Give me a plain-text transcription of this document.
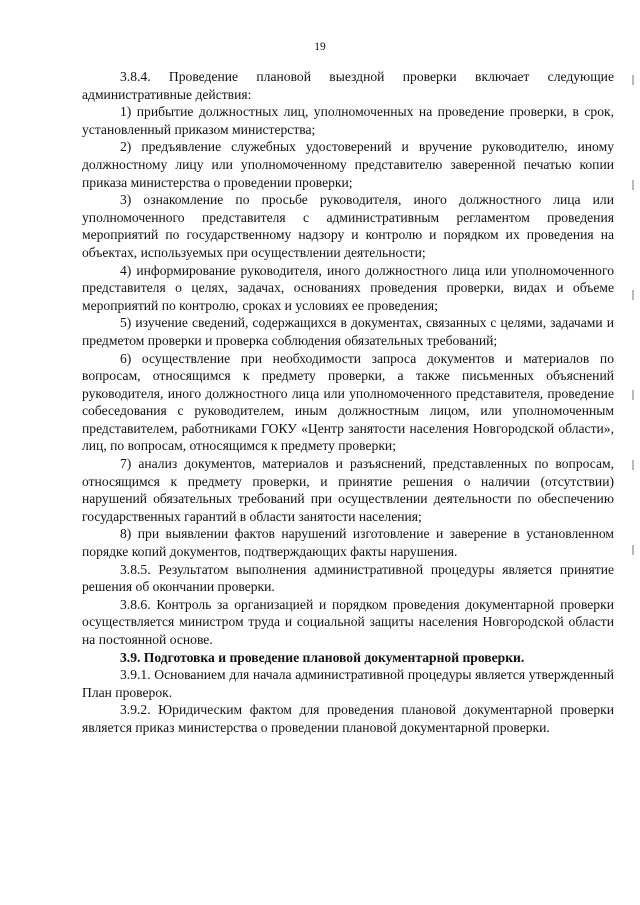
19

3.8.4. Проведение плановой выездной проверки включает следующие административные действия:

1) прибытие должностных лиц, уполномоченных на проведение проверки, в срок, установленный приказом министерства;

2) предъявление служебных удостоверений и вручение руководителю, иному должностному лицу или уполномоченному представителю заверенной печатью копии приказа министерства о проведении проверки;

3) ознакомление по просьбе руководителя, иного должностного лица или уполномоченного представителя с административным регламентом проведения мероприятий по государственному надзору и контролю и порядком их проведения на объектах, используемых при осуществлении деятельности;

4) информирование руководителя, иного должностного лица или уполномоченного представителя о целях, задачах, основаниях проведения проверки, видах и объеме мероприятий по контролю, сроках и условиях ее проведения;

5) изучение сведений, содержащихся в документах, связанных с целями, задачами и предметом проверки и проверка соблюдения обязательных требований;

6) осуществление при необходимости запроса документов и материалов по вопросам, относящимся к предмету проверки, а также письменных объяснений руководителя, иного должностного лица или уполномоченного представителя, проведение собеседования с руководителем, иным должностным лицом, или уполномоченным представителем, работниками ГОКУ «Центр занятости населения Новгородской области», лиц, по вопросам, относящимся к предмету проверки;

7) анализ документов, материалов и разъяснений, представленных по вопросам, относящимся к предмету проверки, и принятие решения о наличии (отсутствии) нарушений обязательных требований при осуществлении деятельности по обеспечению государственных гарантий в области занятости населения;

8) при выявлении фактов нарушений изготовление и заверение в установленном порядке копий документов, подтверждающих факты нарушения.

3.8.5. Результатом выполнения административной процедуры является принятие решения об окончании проверки.

3.8.6. Контроль за организацией и порядком проведения документарной проверки осуществляется министром труда и социальной защиты населения Новгородской области на постоянной основе.

3.9. Подготовка и проведение плановой документарной проверки.

3.9.1. Основанием для начала административной процедуры является утвержденный План проверок.

3.9.2. Юридическим фактом для проведения плановой документарной проверки является приказ министерства о проведении плановой документарной проверки.
